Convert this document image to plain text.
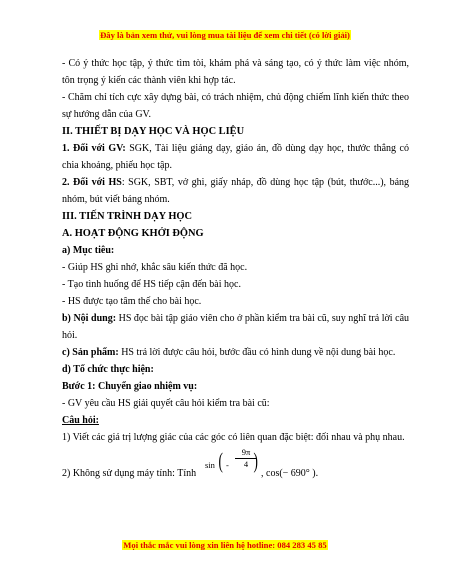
Đây là bản xem thử, vui lòng mua tài liệu để xem chi tiết (có lời giải)

- Có ý thức học tập, ý thức tìm tòi, khám phá và sáng tạo, có ý thức làm việc nhóm, tôn trọng ý kiến các thành viên khi hợp tác.

- Chăm chỉ tích cực xây dựng bài, có trách nhiệm, chủ động chiếm lĩnh kiến thức theo sự hướng dẫn của GV.

II. THIẾT BỊ DẠY HỌC VÀ HỌC LIỆU

1. Đối với GV: SGK, Tài liệu giảng dạy, giáo án, đồ dùng dạy học, thước thẳng có chia khoảng, phiếu học tập.

2. Đối với HS: SGK, SBT, vở ghi, giấy nháp, đồ dùng học tập (bút, thước...), bảng nhóm, bút viết bảng nhóm.

III. TIẾN TRÌNH DẠY HỌC

A. HOẠT ĐỘNG KHỞI ĐỘNG

a) Mục tiêu:

- Giúp HS ghi nhớ, khắc sâu kiến thức đã học.

- Tạo tình huống để HS tiếp cận đến bài học.

- HS được tạo tâm thế cho bài học.

b) Nội dung: HS đọc bài tập giáo viên cho ở phần kiểm tra bài cũ, suy nghĩ trả lời câu hỏi.

c) Sản phẩm: HS trả lời được câu hỏi, bước đầu có hình dung về nội dung bài học.

d) Tổ chức thực hiện:

Bước 1: Chuyển giao nhiệm vụ:

- GV yêu cầu HS giải quyết câu hỏi kiểm tra bài cũ:

Câu hỏi:

1) Viết các giá trị lượng giác của các góc có liên quan đặc biệt: đối nhau và phụ nhau.

2) Không sử dụng máy tính: Tính
sin ( -
9π
4 )
, cos(− 690° ).
Mọi thắc mắc vui lòng xin liên hệ hotline: 084 283 45 85
